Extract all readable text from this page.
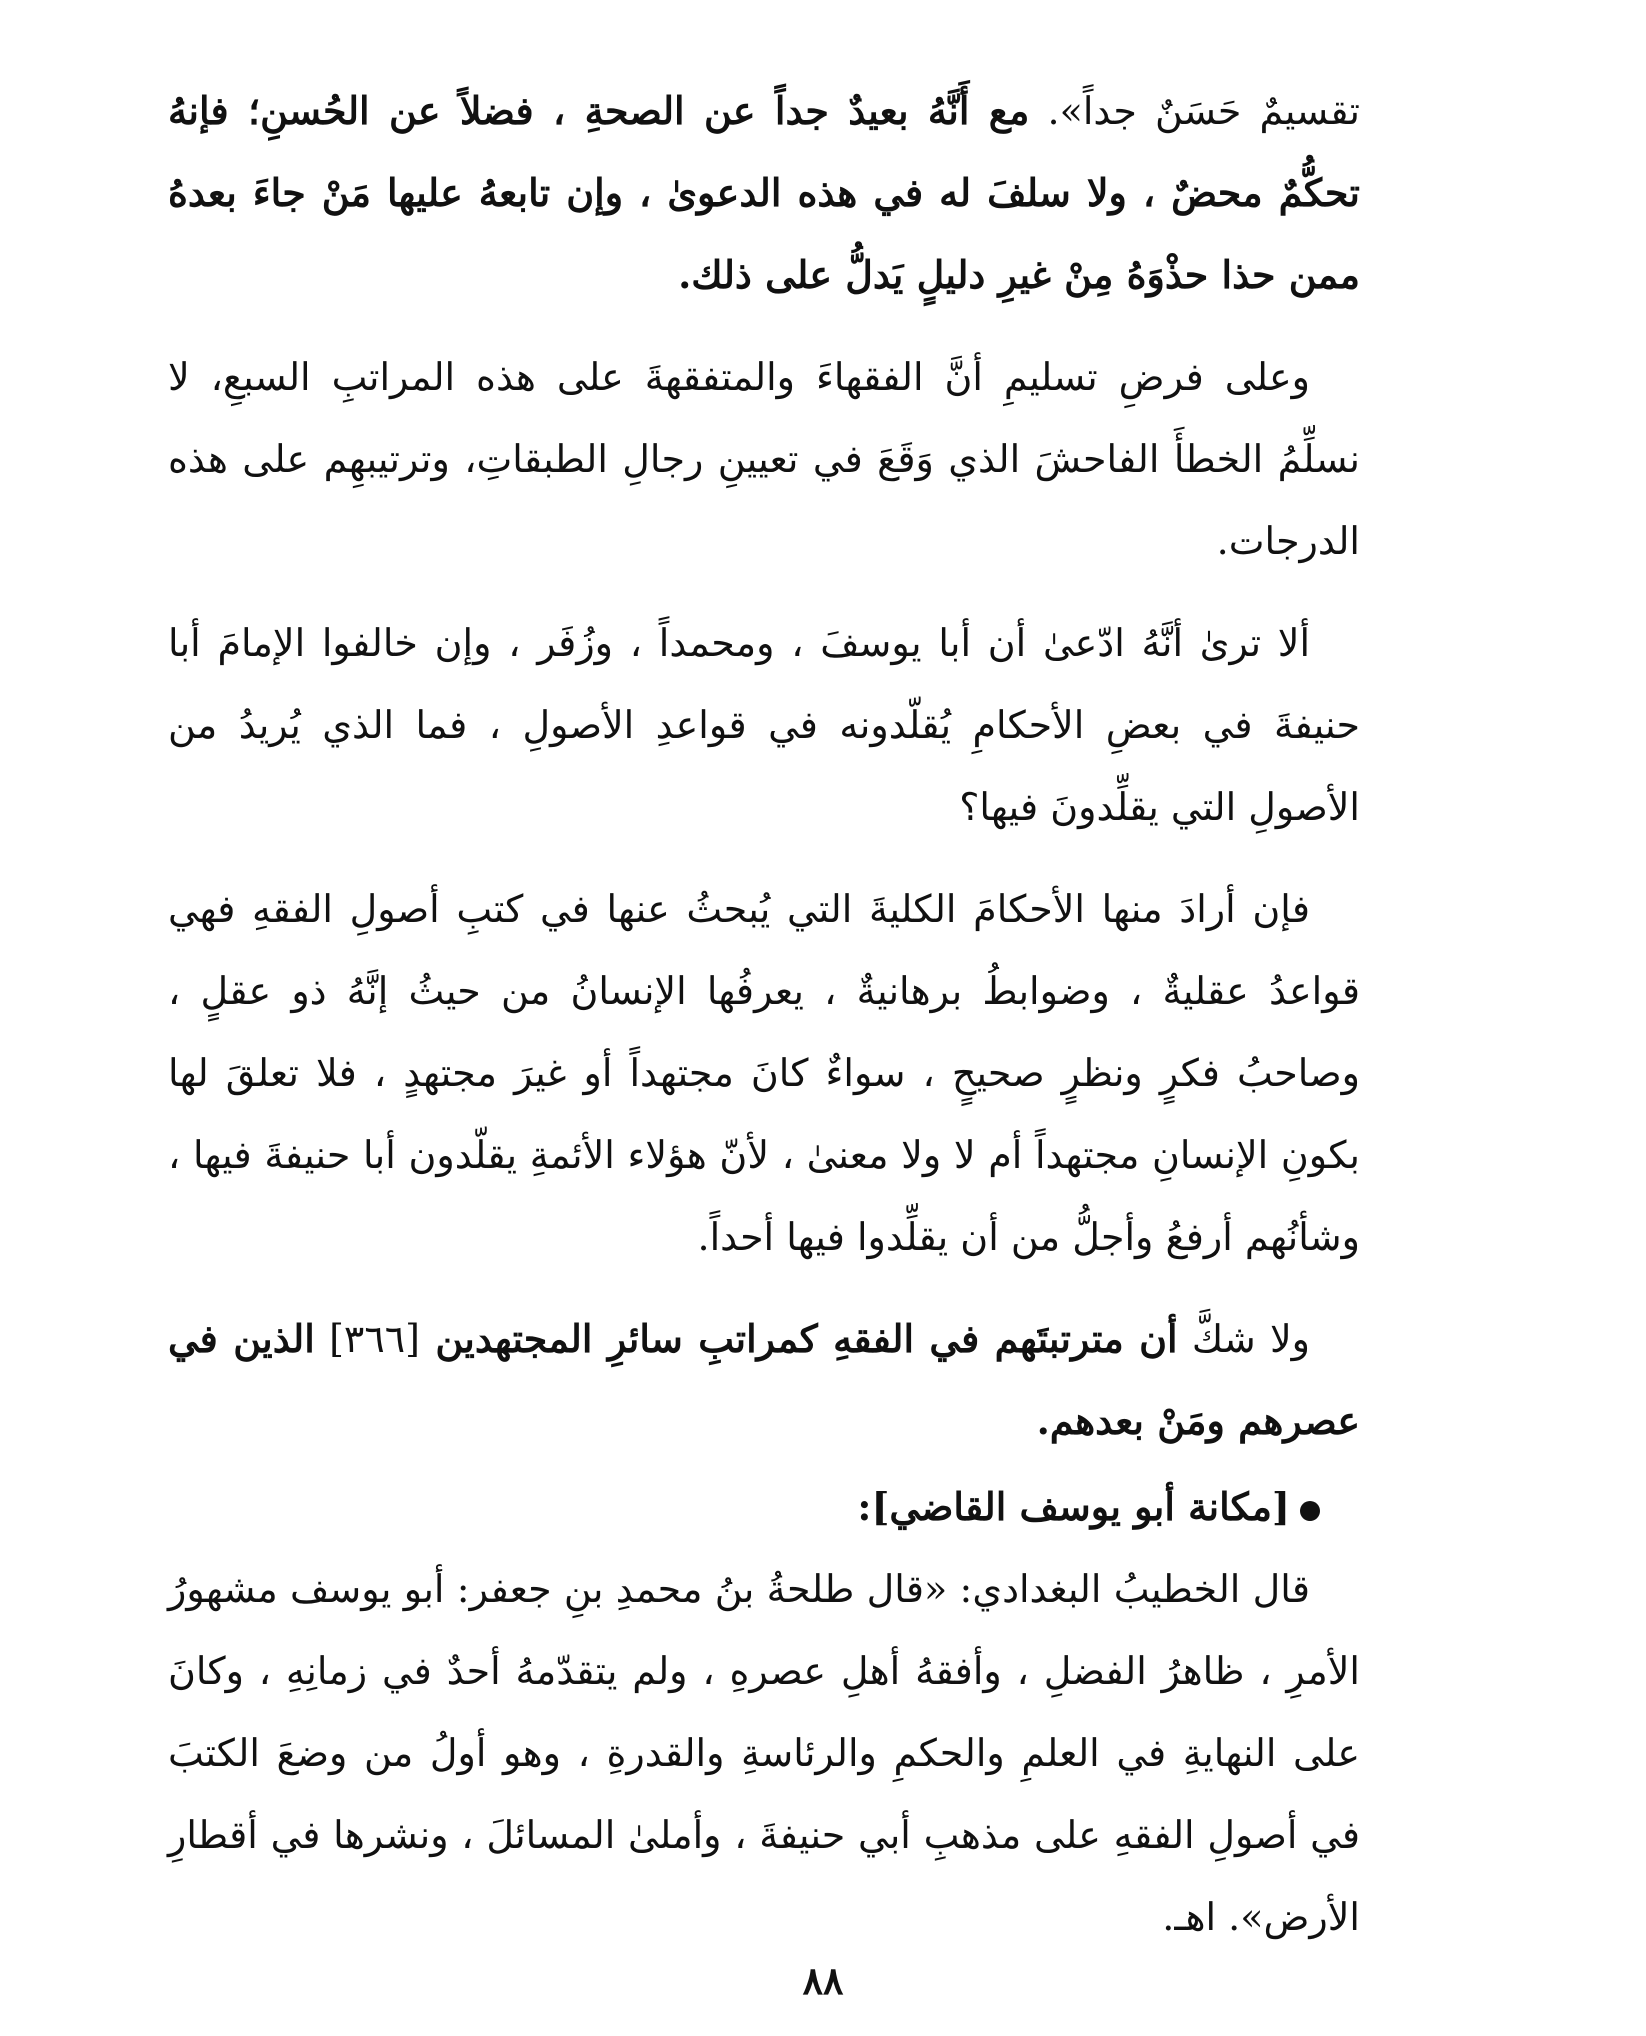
تقسيمٌ حَسَنٌ جداً». مع أَنَّهُ بعيدٌ جداً عن الصحةِ ، فضلاً عن الحُسنِ؛ فإنهُ تحكُّمٌ محضٌ ، ولا سلفَ له في هذه الدعوىٰ ، وإن تابعهُ عليها مَنْ جاءَ بعدهُ ممن حذا حذْوَهُ مِنْ غيرِ دليلٍ يَدلُّ على ذلك.

وعلى فرضِ تسليمِ أنَّ الفقهاءَ والمتفقهةَ على هذه المراتبِ السبعِ، لا نسلِّمُ الخطأَ الفاحشَ الذي وَقَعَ في تعيينِ رجالِ الطبقاتِ، وترتيبهِم على هذه الدرجات.

ألا ترىٰ أنَّهُ ادّعىٰ أن أبا يوسفَ ، ومحمداً ، وزُفَر ، وإن خالفوا الإمامَ أبا حنيفةَ في بعضِ الأحكامِ يُقلّدونه في قواعدِ الأصولِ ، فما الذي يُريدُ من الأصولِ التي يقلِّدونَ فيها؟

فإن أرادَ منها الأحكامَ الكليةَ التي يُبحثُ عنها في كتبِ أصولِ الفقهِ فهي قواعدُ عقليةٌ ، وضوابطُ برهانيةٌ ، يعرفُها الإنسانُ من حيثُ إنَّهُ ذو عقلٍ ، وصاحبُ فكرٍ ونظرٍ صحيحٍ ، سواءٌ كانَ مجتهداً أو غيرَ مجتهدٍ ، فلا تعلقَ لها بكونِ الإنسانِ مجتهداً أم لا ولا معنىٰ ، لأنّ هؤلاء الأئمةِ يقلّدون أبا حنيفةَ فيها ، وشأنُهم أرفعُ وأجلُّ من أن يقلِّدوا فيها أحداً.

ولا شكَّ أن مترتبتَهم في الفقهِ كمراتبِ سائرِ المجتهدين [٣٦٦] الذين في عصرهم ومَنْ بعدهم.

[مكانة أبو يوسف القاضي]:

قال الخطيبُ البغدادي: «قال طلحةُ بنُ محمدِ بنِ جعفر: أبو يوسف مشهورُ الأمرِ ، ظاهرُ الفضلِ ، وأفقهُ أهلِ عصرهِ ، ولم يتقدّمهُ أحدٌ في زمانِهِ ، وكانَ على النهايةِ في العلمِ والحكمِ والرئاسةِ والقدرةِ ، وهو أولُ من وضعَ الكتبَ في أصولِ الفقهِ على مذهبِ أبي حنيفةَ ، وأملىٰ المسائلَ ، ونشرها في أقطارِ الأرض». اهـ.

٨٨
